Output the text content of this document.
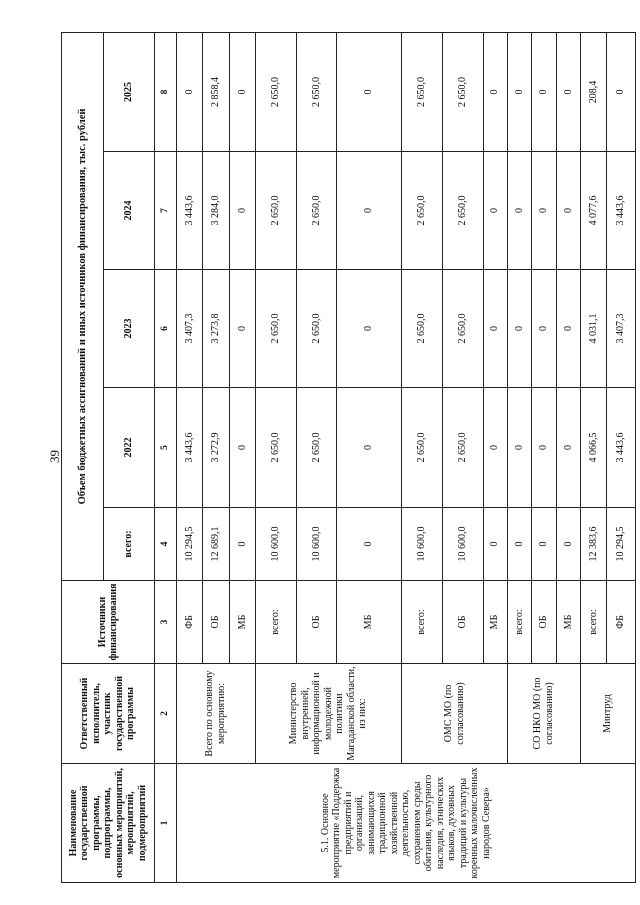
39
Наименование государственной программы, подпрограммы, основных мероприятий, мероприятий, подмероприятий	Ответственный исполнитель, участник государственной программы	Источники финансирования	Объем бюджетных ассигнований и иных источников финансирования, тыс. рублей				
			всего:	2022	2023	2024	2025
1	2	3	4	5	6	7	8
5.1. Основное мероприятие «Поддержка предприятий и организаций, занимающихся традиционной хозяйственной деятельностью, сохранением среды обитания, культурного наследия, этнических языков, духовных традиций и культуры коренных малочисленных народов Севера»	Всего по основному мероприятию:	ФБ	10 294,5	3 443,6	3 407,3	3 443,6	0
		ОБ	12 689,1	3 272,9	3 273,8	3 284,0	2 858,4
		МБ	0	0	0	0	0
	Министерство внутренней, информационной и молодежной политики Магаданской области, из них:	всего:	10 600,0	2 650,0	2 650,0	2 650,0	2 650,0
		ОБ	10 600,0	2 650,0	2 650,0	2 650,0	2 650,0
		МБ	0	0	0	0	0
	ОМС МО (по согласованию)	всего:	10 600,0	2 650,0	2 650,0	2 650,0	2 650,0
		ОБ	10 600,0	2 650,0	2 650,0	2 650,0	2 650,0
		МБ	0	0	0	0	0
	СО НКО МО (по согласованию)	всего:	0	0	0	0	0
		ОБ	0	0	0	0	0
		МБ	0	0	0	0	0
	Минтруд	всего:	12 383,6	4 066,5	4 031,1	4 077,6	208,4
		ФБ	10 294,5	3 443,6	3 407,3	3 443,6	0
